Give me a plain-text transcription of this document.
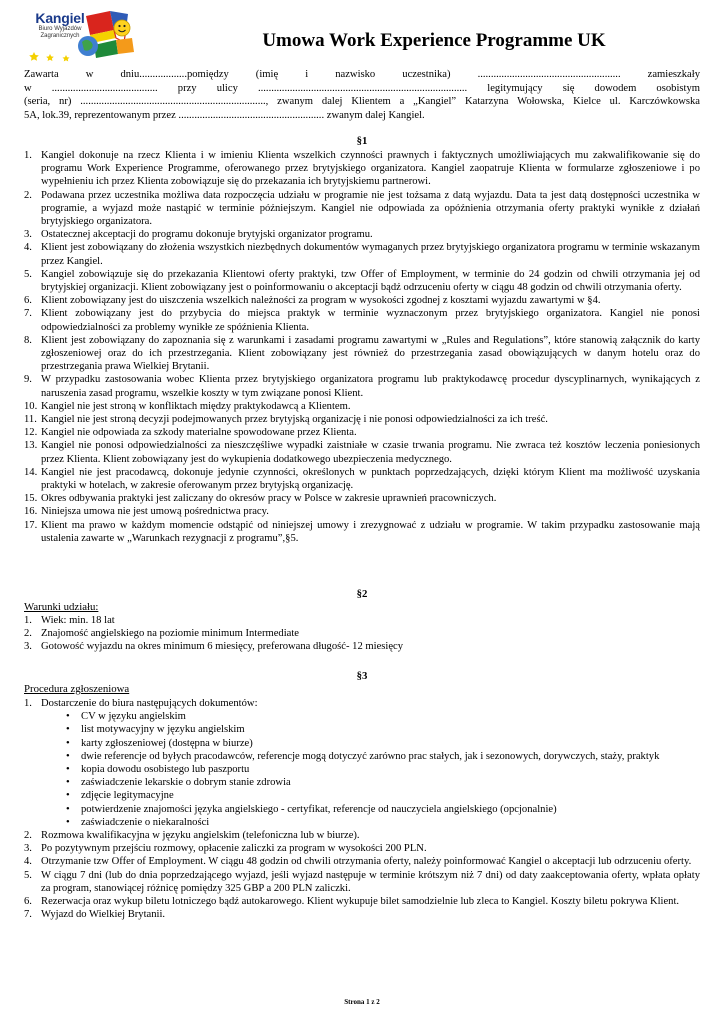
Kangiel
Biuro Wyjazdów
Zagranicznych	Umowa Work Experience Programme UK

Zawarta w dniu..................pomiędzy (imię i nazwisko uczestnika) ...................................................... zamieszkały

w ........................................ przy ulicy ............................................................................... legitymujący się dowodem osobistym

(seria, nr) ......................................................................, zwanym dalej Klientem a „Kangiel” Katarzyna Wołowska, Kielce ul. Karczówkowska

5A, lok.39, reprezentowanym przez ....................................................... zwanym dalej Kangiel.

§1
1. Kangiel dokonuje na rzecz Klienta i w imieniu Klienta wszelkich czynności prawnych i faktycznych umożliwiających mu zakwalifikowanie się do programu Work Experience Programme, oferowanego przez brytyjskiego organizatora. Kangiel zaopatruje Klienta w formularze zgłoszeniowe i po wypełnieniu ich przez Klienta zobowiązuje się do przekazania ich brytyjskiemu partnerowi.
2. Podawana przez uczestnika możliwa data rozpoczęcia udziału w programie nie jest tożsama z datą wyjazdu. Data ta jest datą dostępności uczestnika w programie, a wyjazd może nastąpić w terminie późniejszym. Kangiel nie odpowiada za opóźnienia otrzymania oferty praktyki wynikłe z działań brytyjskiego organizatora.
3. Ostatecznej akceptacji do programu dokonuje brytyjski organizator programu.
4. Klient jest zobowiązany do złożenia wszystkich niezbędnych dokumentów wymaganych przez brytyjskiego organizatora programu w terminie wskazanym przez Kangiel.
5. Kangiel zobowiązuje się do przekazania Klientowi oferty praktyki, tzw Offer of Employment, w terminie do 24 godzin od chwili otrzymania jej od brytyjskiej organizacji. Klient zobowiązany jest o poinformowaniu o akceptacji bądź odrzuceniu oferty w ciągu 48 godzin od chwili otrzymania oferty.
6. Klient zobowiązany jest do uiszczenia wszelkich należności za program w wysokości zgodnej z kosztami wyjazdu zawartymi w §4.
7. Klient zobowiązany jest do przybycia do miejsca praktyk w terminie wyznaczonym przez brytyjskiego organizatora. Kangiel nie ponosi odpowiedzialności za problemy wynikłe ze spóźnienia Klienta.
8. Klient jest zobowiązany do zapoznania się z warunkami i zasadami programu zawartymi w „Rules and Regulations”, które stanowią załącznik do karty zgłoszeniowej oraz do ich przestrzegania. Klient zobowiązany jest również do przestrzegania zasad obowiązujących w danym hotelu oraz do przestrzegania prawa Wielkiej Brytanii.
9. W przypadku zastosowania wobec Klienta przez brytyjskiego organizatora programu lub praktykodawcę procedur dyscyplinarnych, wynikających z naruszenia zasad programu, wszelkie koszty w tym związane ponosi Klient.
10. Kangiel nie jest stroną w konfliktach między praktykodawcą a Klientem.
11. Kangiel nie jest stroną decyzji podejmowanych przez brytyjską organizację i nie ponosi odpowiedzialności za ich treść.
12. Kangiel nie odpowiada za szkody materialne spowodowane przez Klienta.
13. Kangiel nie ponosi odpowiedzialności za nieszczęśliwe wypadki zaistniałe w czasie trwania programu. Nie zwraca też kosztów leczenia poniesionych przez Klienta. Klient zobowiązany jest do wykupienia dodatkowego ubezpieczenia medycznego.
14. Kangiel nie jest pracodawcą, dokonuje jedynie czynności, określonych w punktach poprzedzających, dzięki którym Klient ma możliwość uzyskania praktyki w hotelach, w zakresie oferowanym przez brytyjską organizację.
15. Okres odbywania praktyki jest zaliczany do okresów pracy w Polsce w zakresie uprawnień pracowniczych.
16. Niniejsza umowa nie jest umową pośrednictwa pracy.
17. Klient ma prawo w każdym momencie odstąpić od niniejszej umowy i zrezygnować z udziału w programie. W takim przypadku zastosowanie mają ustalenia zawarte w „Warunkach rezygnacji z programu”,§5.
§2
Warunki udziału:
1. Wiek: min. 18 lat
2. Znajomość angielskiego na poziomie minimum Intermediate
3. Gotowość wyjazdu na okres minimum 6 miesięcy, preferowana długość- 12 miesięcy
§3
Procedura zgłoszeniowa
1. Dostarczenie do biura następujących dokumentów:
• CV w języku angielskim
• list motywacyjny w języku angielskim
• karty zgłoszeniowej (dostępna w biurze)
• dwie referencje od byłych pracodawców, referencje mogą dotyczyć zarówno prac stałych, jak i sezonowych, dorywczych, staży, praktyk
• kopia dowodu osobistego lub paszportu
• zaświadczenie lekarskie o dobrym stanie zdrowia
• zdjęcie legitymacyjne
• potwierdzenie znajomości języka angielskiego - certyfikat, referencje od nauczyciela angielskiego (opcjonalnie)
• zaświadczenie o niekaralności
2. Rozmowa kwalifikacyjna w języku angielskim (telefoniczna lub w biurze).
3. Po pozytywnym przejściu rozmowy, opłacenie zaliczki za program w wysokości 200 PLN.
4. Otrzymanie tzw Offer of Employment. W ciągu 48 godzin od chwili otrzymania oferty, należy poinformować Kangiel o akceptacji lub odrzuceniu oferty.
5. W ciągu 7 dni (lub do dnia poprzedzającego wyjazd, jeśli wyjazd następuje w terminie krótszym niż 7 dni) od daty zaakceptowania oferty, wpłata opłaty za program, stanowiącej różnicę pomiędzy 325 GBP a 200 PLN zaliczki.
6. Rezerwacja oraz wykup biletu lotniczego bądź autokarowego. Klient wykupuje bilet samodzielnie lub zleca to Kangiel. Koszty biletu pokrywa Klient.
7. Wyjazd do Wielkiej Brytanii.
Strona 1 z 2
